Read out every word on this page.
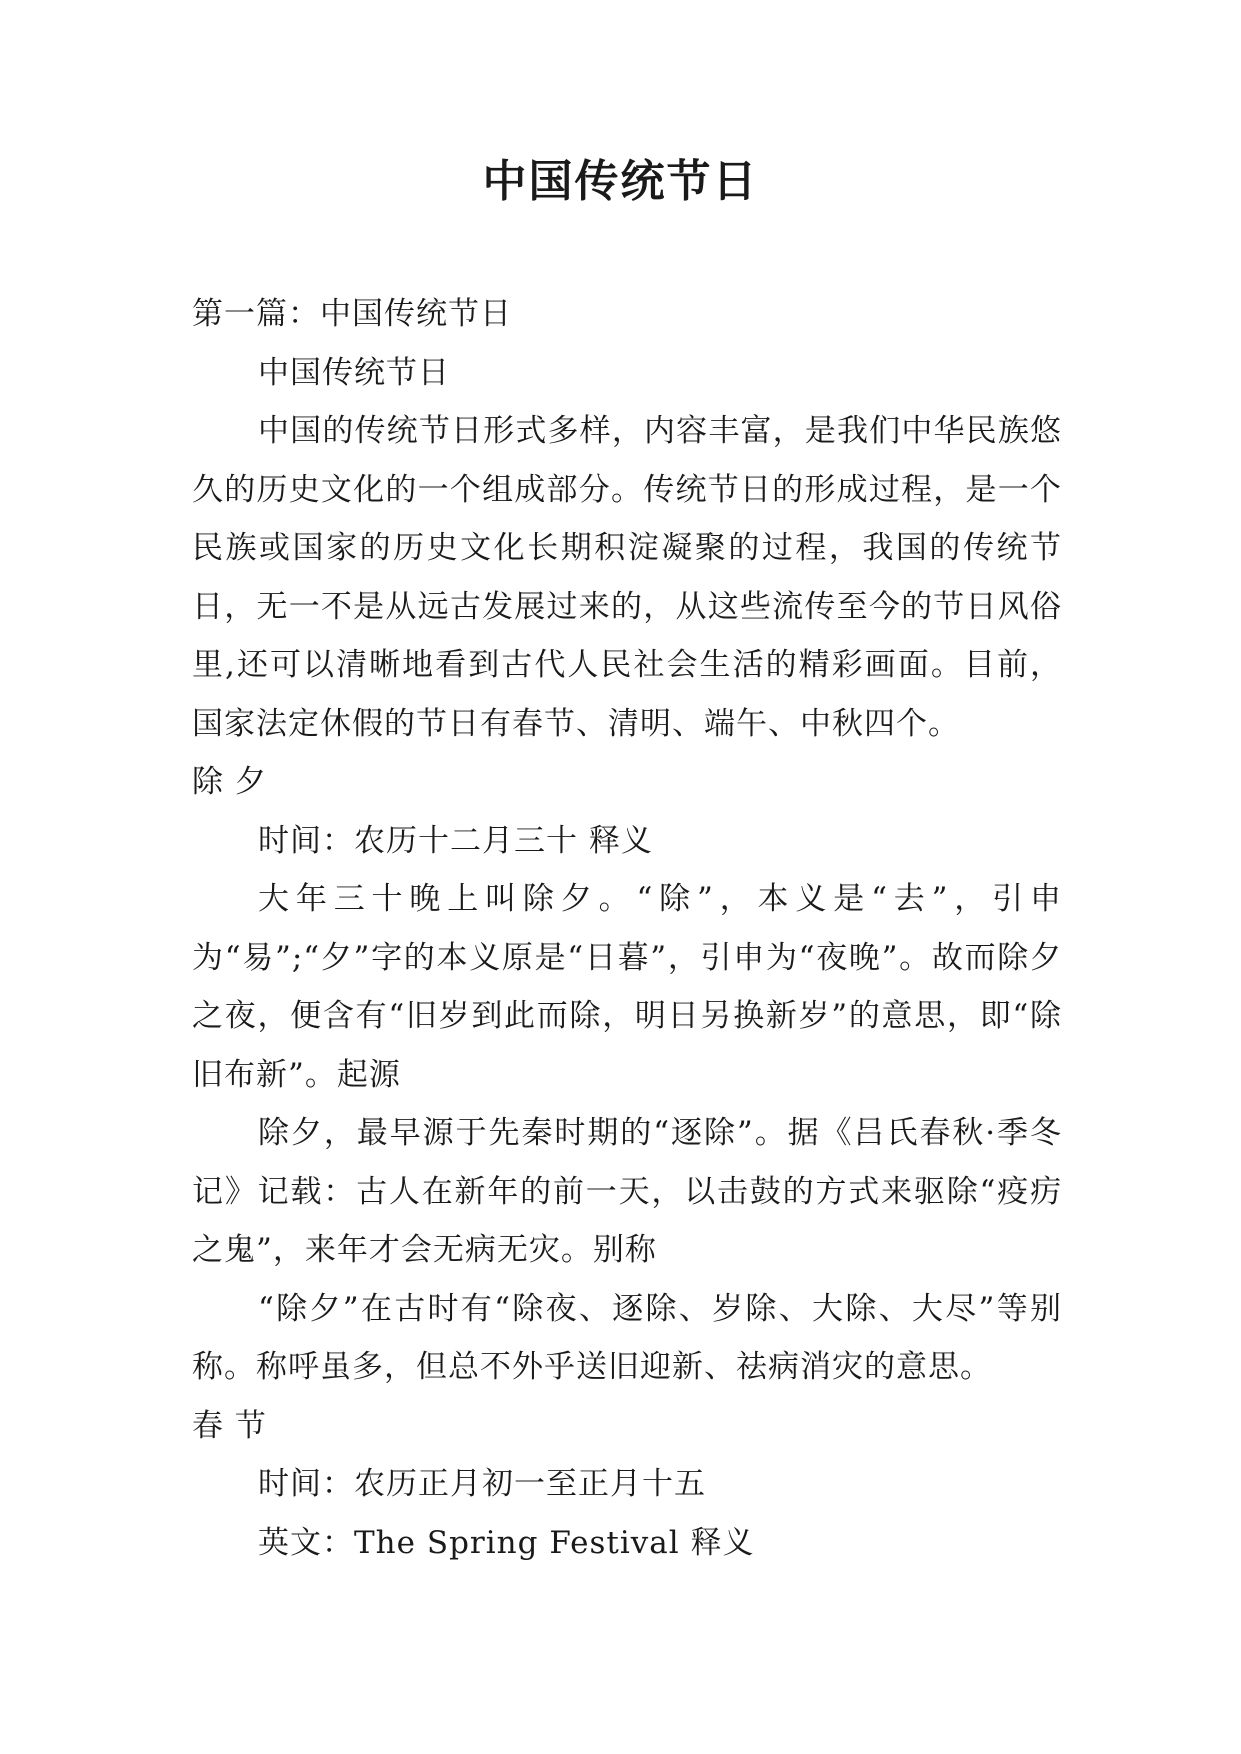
中国传统节日

第一篇：中国传统节日

中国传统节日

中国的传统节日形式多样，内容丰富，是我们中华民族悠久的历史文化的一个组成部分。传统节日的形成过程，是一个民族或国家的历史文化长期积淀凝聚的过程，我国的传统节日，无一不是从远古发展过来的，从这些流传至今的节日风俗里,还可以清晰地看到古代人民社会生活的精彩画面。目前，国家法定休假的节日有春节、清明、端午、中秋四个。

除 夕

时间：农历十二月三十 释义

大年三十晚上叫除夕。“除”，本义是“去”，引申为“易”;“夕”字的本义原是“日暮”，引申为“夜晚”。故而除夕之夜，便含有“旧岁到此而除，明日另换新岁”的意思，即“除旧布新”。起源

除夕，最早源于先秦时期的“逐除”。据《吕氏春秋·季冬记》记载：古人在新年的前一天，以击鼓的方式来驱除“疫疠之鬼”，来年才会无病无灾。别称

“除夕”在古时有“除夜、逐除、岁除、大除、大尽”等别称。称呼虽多，但总不外乎送旧迎新、祛病消灾的意思。

春 节

时间：农历正月初一至正月十五

英文：The Spring Festival 释义
